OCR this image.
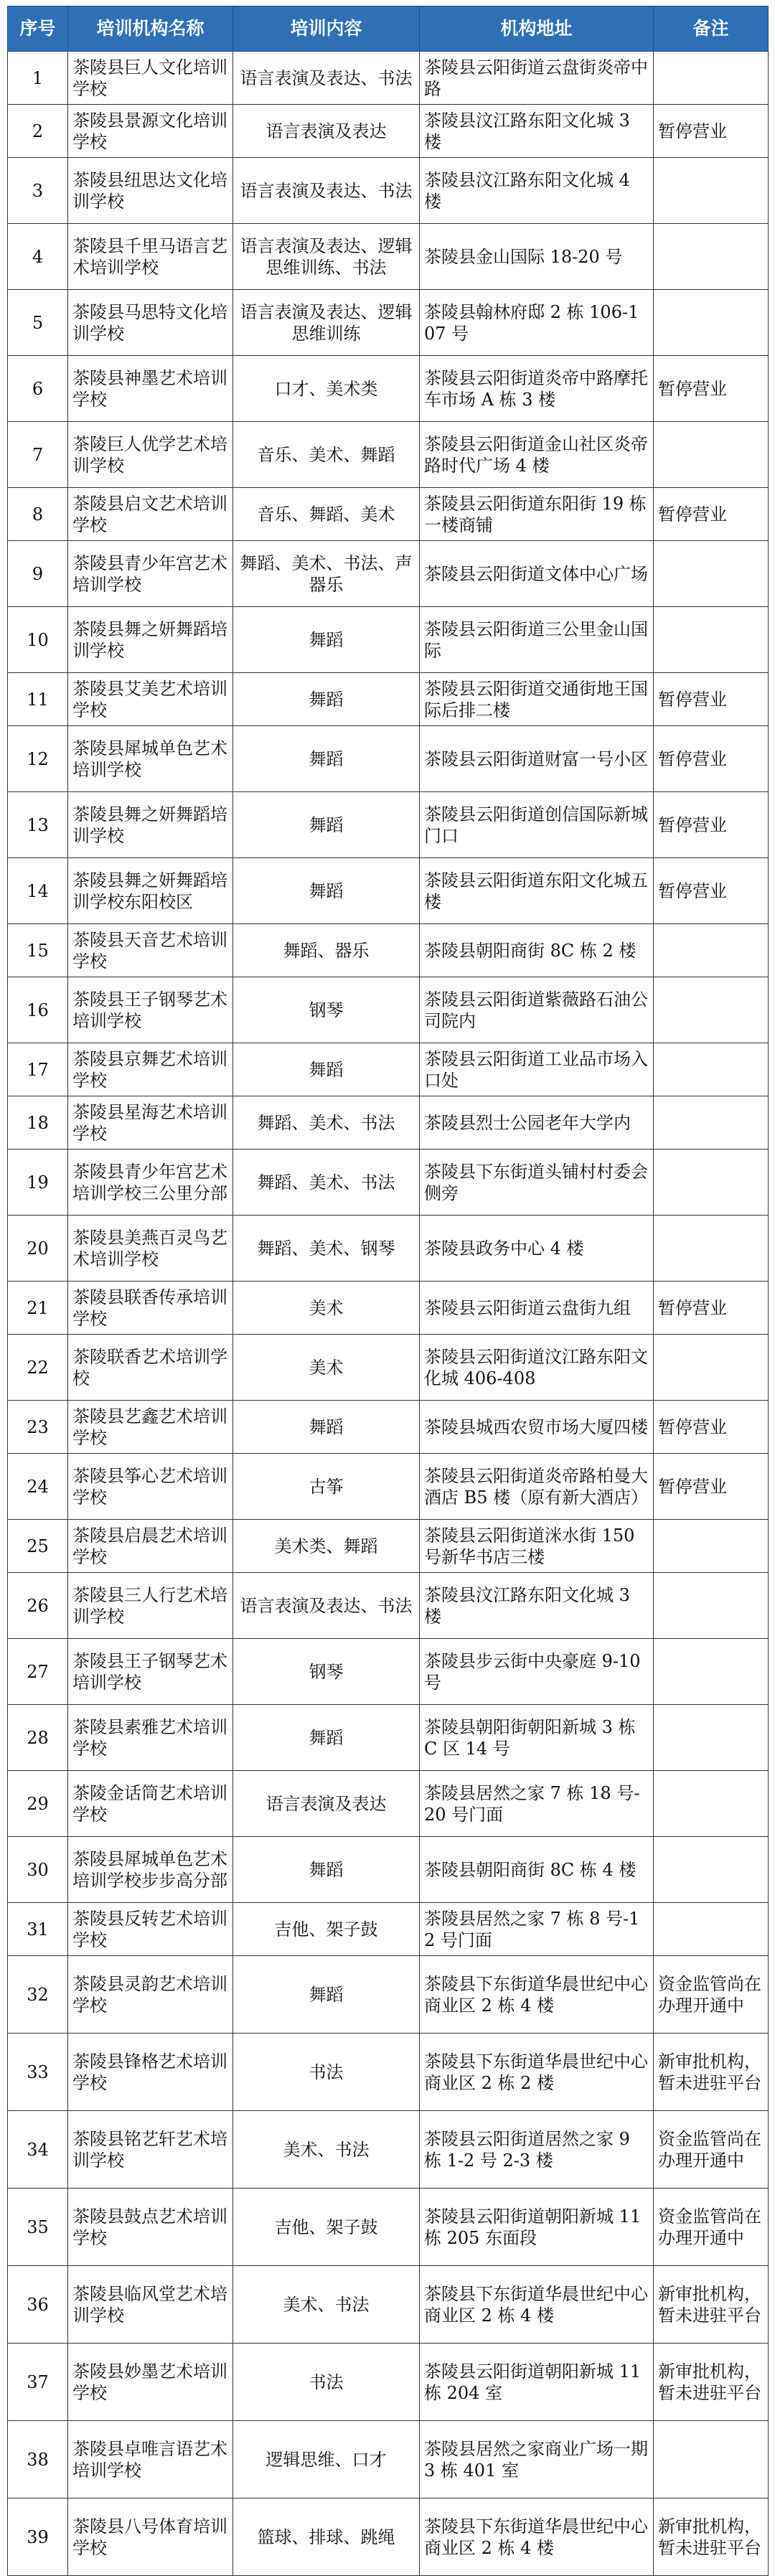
序号	培训机构名称	培训内容	机构地址	备注
1	茶陵县巨人文化培训学校	语言表演及表达、书法	茶陵县云阳街道云盘街炎帝中路	
2	茶陵县景源文化培训学校	语言表演及表达	茶陵县汶江路东阳文化城 3 楼	暂停营业
3	茶陵县纽思达文化培训学校	语言表演及表达、书法	茶陵县汶江路东阳文化城 4 楼	
4	茶陵县千里马语言艺术培训学校	语言表演及表达、逻辑思维训练、书法	茶陵县金山国际 18-20 号	
5	茶陵县马思特文化培训学校	语言表演及表达、逻辑思维训练	茶陵县翰林府邸 2 栋 106-107 号	
6	茶陵县神墨艺术培训学校	口才、美术类	茶陵县云阳街道炎帝中路摩托车市场 A 栋 3 楼	暂停营业
7	茶陵巨人优学艺术培训学校	音乐、美术、舞蹈	茶陵县云阳街道金山社区炎帝路时代广场 4 楼	
8	茶陵县启文艺术培训学校	音乐、舞蹈、美术	茶陵县云阳街道东阳街 19 栋一楼商铺	暂停营业
9	茶陵县青少年宫艺术培训学校	舞蹈、美术、书法、声器乐	茶陵县云阳街道文体中心广场	
10	茶陵县舞之妍舞蹈培训学校	舞蹈	茶陵县云阳街道三公里金山国际	
11	茶陵县艾美艺术培训学校	舞蹈	茶陵县云阳街道交通街地王国际后排二楼	暂停营业
12	茶陵县犀城单色艺术培训学校	舞蹈	茶陵县云阳街道财富一号小区	暂停营业
13	茶陵县舞之妍舞蹈培训学校	舞蹈	茶陵县云阳街道创信国际新城门口	暂停营业
14	茶陵县舞之妍舞蹈培训学校东阳校区	舞蹈	茶陵县云阳街道东阳文化城五楼	暂停营业
15	茶陵县天音艺术培训学校	舞蹈、器乐	茶陵县朝阳商街 8C 栋 2 楼	
16	茶陵县王子钢琴艺术培训学校	钢琴	茶陵县云阳街道紫薇路石油公司院内	
17	茶陵县京舞艺术培训学校	舞蹈	茶陵县云阳街道工业品市场入口处	
18	茶陵县星海艺术培训学校	舞蹈、美术、书法	茶陵县烈士公园老年大学内	
19	茶陵县青少年宫艺术培训学校三公里分部	舞蹈、美术、书法	茶陵县下东街道头铺村村委会侧旁	
20	茶陵县美燕百灵鸟艺术培训学校	舞蹈、美术、钢琴	茶陵县政务中心 4 楼	
21	茶陵县联香传承培训学校	美术	茶陵县云阳街道云盘街九组	暂停营业
22	茶陵联香艺术培训学校	美术	茶陵县云阳街道汶江路东阳文化城 406-408	
23	茶陵县艺鑫艺术培训学校	舞蹈	茶陵县城西农贸市场大厦四楼	暂停营业
24	茶陵县筝心艺术培训学校	古筝	茶陵县云阳街道炎帝路柏曼大酒店 B5 楼（原有新大酒店）	暂停营业
25	茶陵县启晨艺术培训学校	美术类、舞蹈	茶陵县云阳街道洣水街 150 号新华书店三楼	
26	茶陵县三人行艺术培训学校	语言表演及表达、书法	茶陵县汶江路东阳文化城 3 楼	
27	茶陵县王子钢琴艺术培训学校	钢琴	茶陵县步云街中央豪庭 9-10 号	
28	茶陵县素雅艺术培训学校	舞蹈	茶陵县朝阳街朝阳新城 3 栋 C 区 14 号	
29	茶陵金话筒艺术培训学校	语言表演及表达	茶陵县居然之家 7 栋 18 号-20 号门面	
30	茶陵县犀城单色艺术培训学校步步高分部	舞蹈	茶陵县朝阳商街 8C 栋 4 楼	
31	茶陵县反转艺术培训学校	吉他、架子鼓	茶陵县居然之家 7 栋 8 号-12 号门面	
32	茶陵县灵韵艺术培训学校	舞蹈	茶陵县下东街道华晨世纪中心商业区 2 栋 4 楼	资金监管尚在办理开通中
33	茶陵县锋格艺术培训学校	书法	茶陵县下东街道华晨世纪中心商业区 2 栋 2 楼	新审批机构，暂未进驻平台
34	茶陵县铭艺轩艺术培训学校	美术、书法	茶陵县云阳街道居然之家 9 栋 1-2 号 2-3 楼	资金监管尚在办理开通中
35	茶陵县鼓点艺术培训学校	吉他、架子鼓	茶陵县云阳街道朝阳新城 11 栋 205 东面段	资金监管尚在办理开通中
36	茶陵县临风堂艺术培训学校	美术、书法	茶陵县下东街道华晨世纪中心商业区 2 栋 4 楼	新审批机构，暂未进驻平台
37	茶陵县妙墨艺术培训学校	书法	茶陵县云阳街道朝阳新城 11 栋 204 室	新审批机构，暂未进驻平台
38	茶陵县卓唯言语艺术培训学校	逻辑思维、口才	茶陵县居然之家商业广场一期 3 栋 401 室	
39	茶陵县八号体育培训学校	篮球、排球、跳绳	茶陵县下东街道华晨世纪中心商业区 2 栋 4 楼	新审批机构，暂未进驻平台
